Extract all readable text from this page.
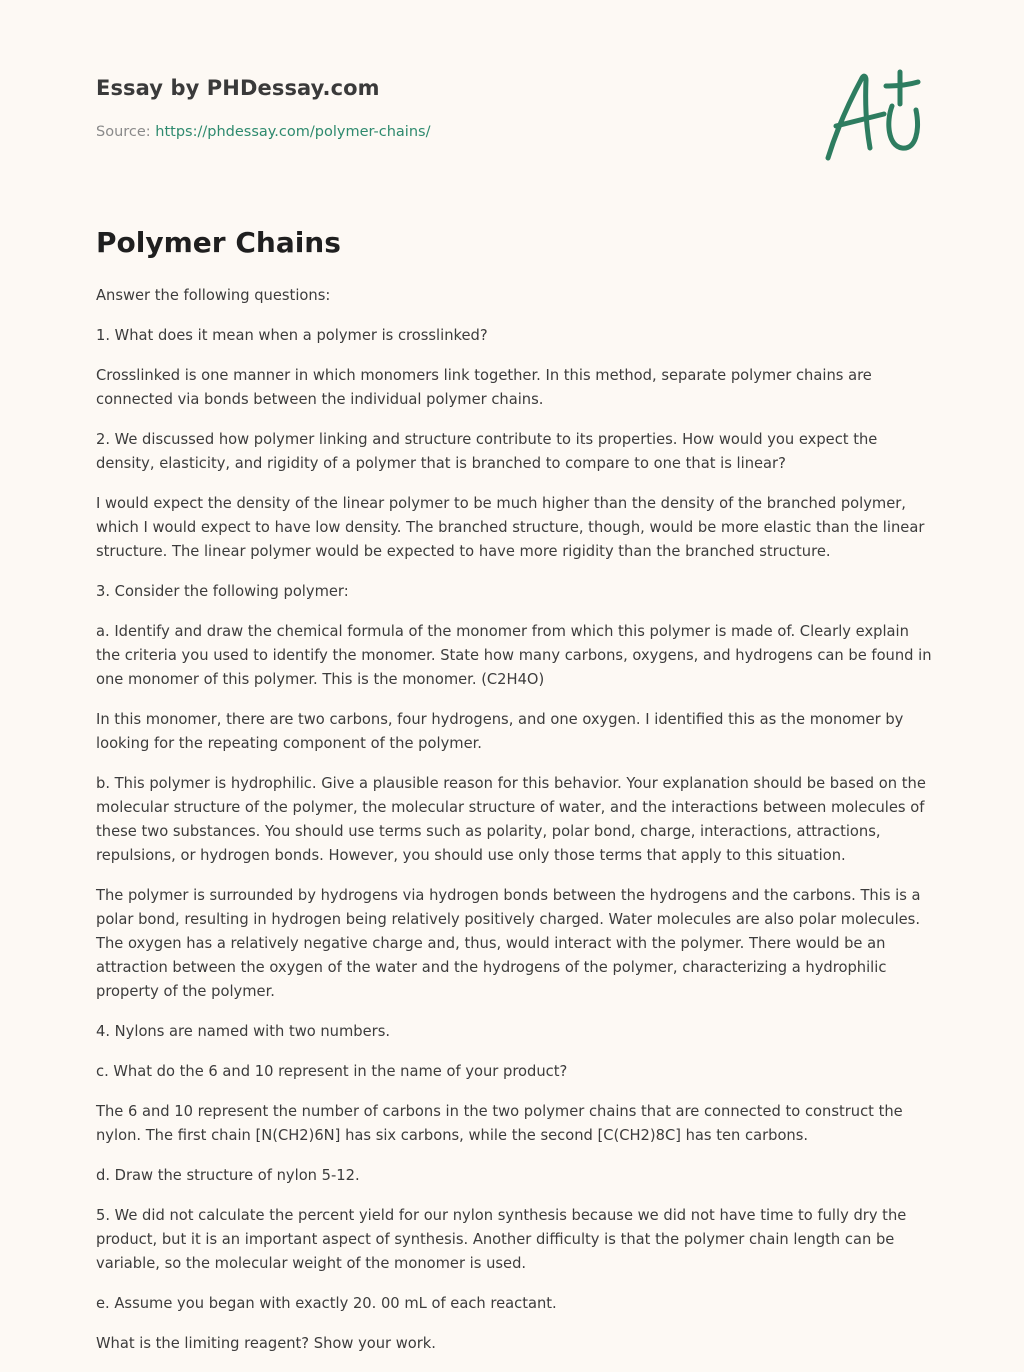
Essay by PHDessay.com
Source: https://phdessay.com/polymer-chains/
Polymer Chains

Answer the following questions:

1. What does it mean when a polymer is crosslinked?

Crosslinked is one manner in which monomers link together. In this method, separate polymer chains are connected via bonds between the individual polymer chains.

2. We discussed how polymer linking and structure contribute to its properties. How would you expect the density, elasticity, and rigidity of a polymer that is branched to compare to one that is linear?

I would expect the density of the linear polymer to be much higher than the density of the branched polymer, which I would expect to have low density. The branched structure, though, would be more elastic than the linear structure. The linear polymer would be expected to have more rigidity than the branched structure.

3. Consider the following polymer:

a. Identify and draw the chemical formula of the monomer from which this polymer is made of. Clearly explain the criteria you used to identify the monomer. State how many carbons, oxygens, and hydrogens can be found in one monomer of this polymer. This is the monomer. (C2H4O)

In this monomer, there are two carbons, four hydrogens, and one oxygen. I identified this as the monomer by looking for the repeating component of the polymer.

b. This polymer is hydrophilic. Give a plausible reason for this behavior. Your explanation should be based on the molecular structure of the polymer, the molecular structure of water, and the interactions between molecules of these two substances. You should use terms such as polarity, polar bond, charge, interactions, attractions, repulsions, or hydrogen bonds. However, you should use only those terms that apply to this situation.

The polymer is surrounded by hydrogens via hydrogen bonds between the hydrogens and the carbons. This is a polar bond, resulting in hydrogen being relatively positively charged. Water molecules are also polar molecules. The oxygen has a relatively negative charge and, thus, would interact with the polymer. There would be an attraction between the oxygen of the water and the hydrogens of the polymer, characterizing a hydrophilic property of the polymer.

4. Nylons are named with two numbers.

c. What do the 6 and 10 represent in the name of your product?

The 6 and 10 represent the number of carbons in the two polymer chains that are connected to construct the nylon. The first chain [N(CH2)6N] has six carbons, while the second [C(CH2)8C] has ten carbons.

d. Draw the structure of nylon 5-12.

5. We did not calculate the percent yield for our nylon synthesis because we did not have time to fully dry the product, but it is an important aspect of synthesis. Another difficulty is that the polymer chain length can be variable, so the molecular weight of the monomer is used.

e. Assume you began with exactly 20. 00 mL of each reactant.

What is the limiting reagent? Show your work.
